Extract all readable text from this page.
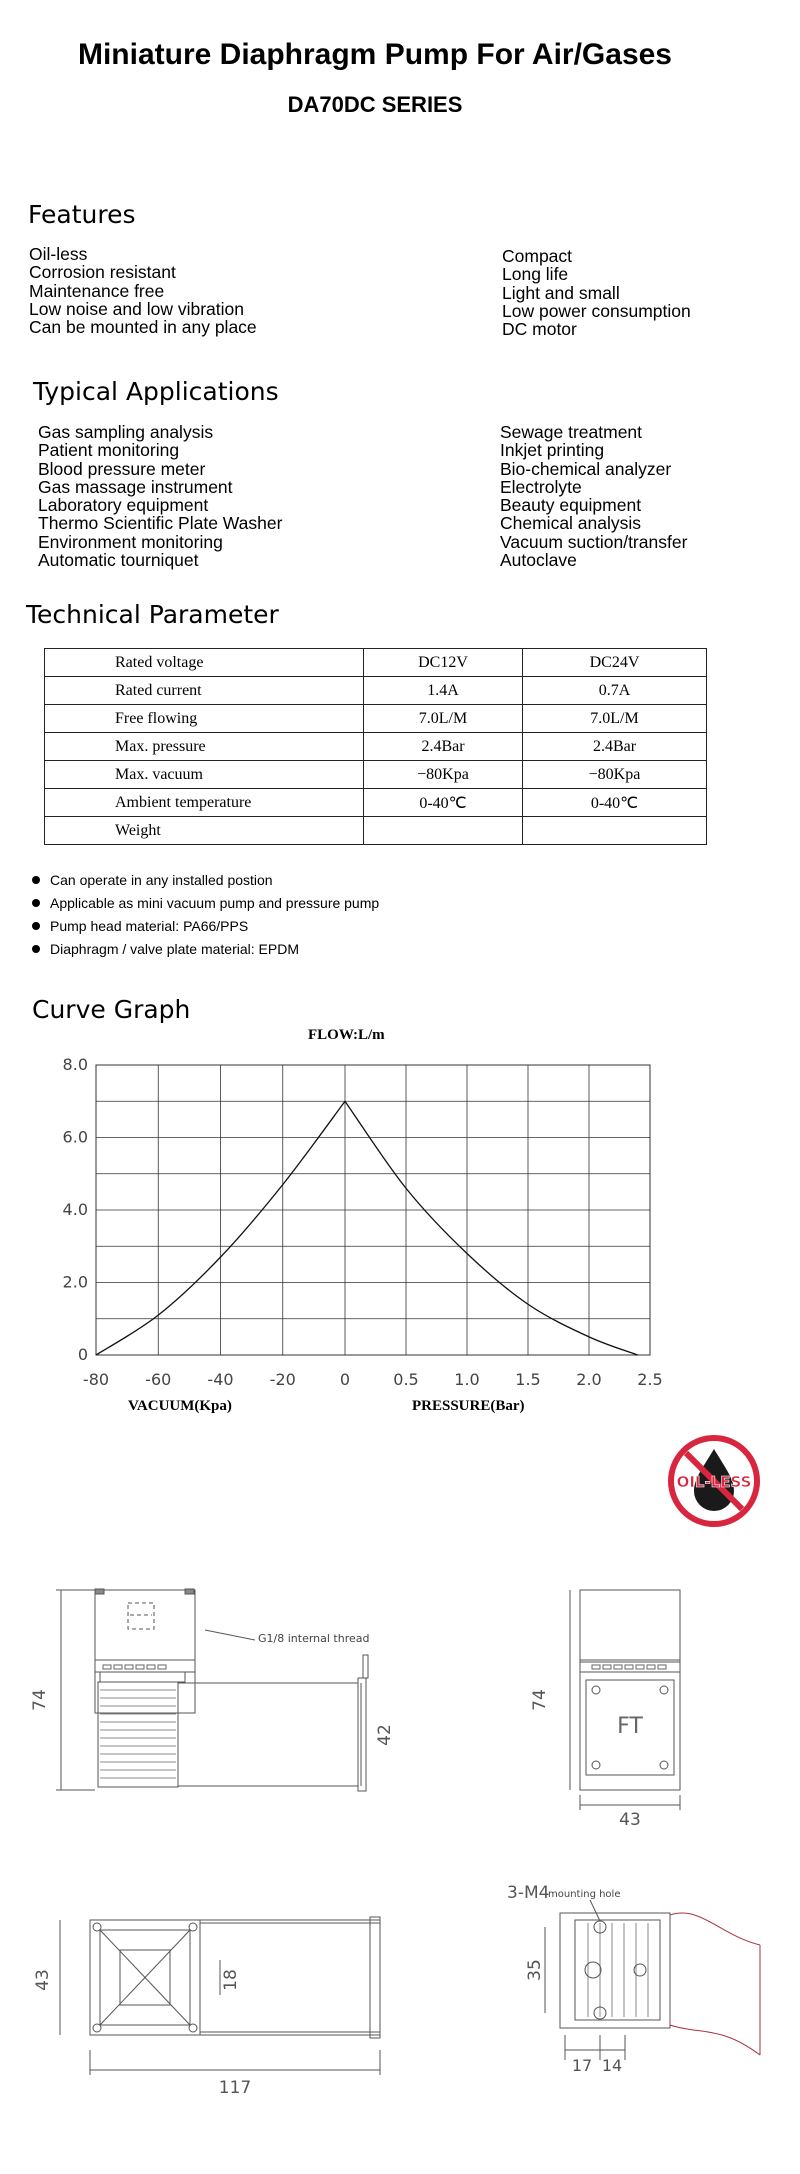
Miniature Diaphragm Pump For Air/Gases
DA70DC SERIES
Features
Oil-less
Corrosion resistant
Maintenance free
Low noise and low vibration
Can be mounted in any place
Compact
Long life
Light and small
Low power consumption
DC motor
Typical Applications
Gas sampling analysis
Patient monitoring
Blood pressure meter
Gas massage instrument
Laboratory equipment
Thermo Scientific Plate Washer
Environment monitoring
Automatic tourniquet
Sewage treatment
Inkjet printing
Bio-chemical analyzer
Electrolyte
Beauty equipment
Chemical analysis
Vacuum suction/transfer
Autoclave
Technical Parameter
Rated voltage	DC12V	DC24V
Rated current	1.4A	0.7A
Free flowing	7.0L/M	7.0L/M
Max. pressure	2.4Bar	2.4Bar
Max. vacuum	−80Kpa	−80Kpa
Ambient temperature	0-40℃	0-40℃
Weight		
Can operate in any installed postion
Applicable as mini vacuum pump and pressure pump
Pump head material: PA66/PPS
Diaphragm / valve plate material: EPDM
Curve Graph
FLOW:L/m
VACUUM(Kpa)	PRESSURE(Bar)
0
2.0
4.0
6.0
8.0
-80 -60 -40 -20	0	0.5 1.0 1.5 2.0 2.5
OIL-LESS
G1/8 internal thread
74
42	FT
74
43
43	18
117
3-M4
mounting hole
35
17 14
